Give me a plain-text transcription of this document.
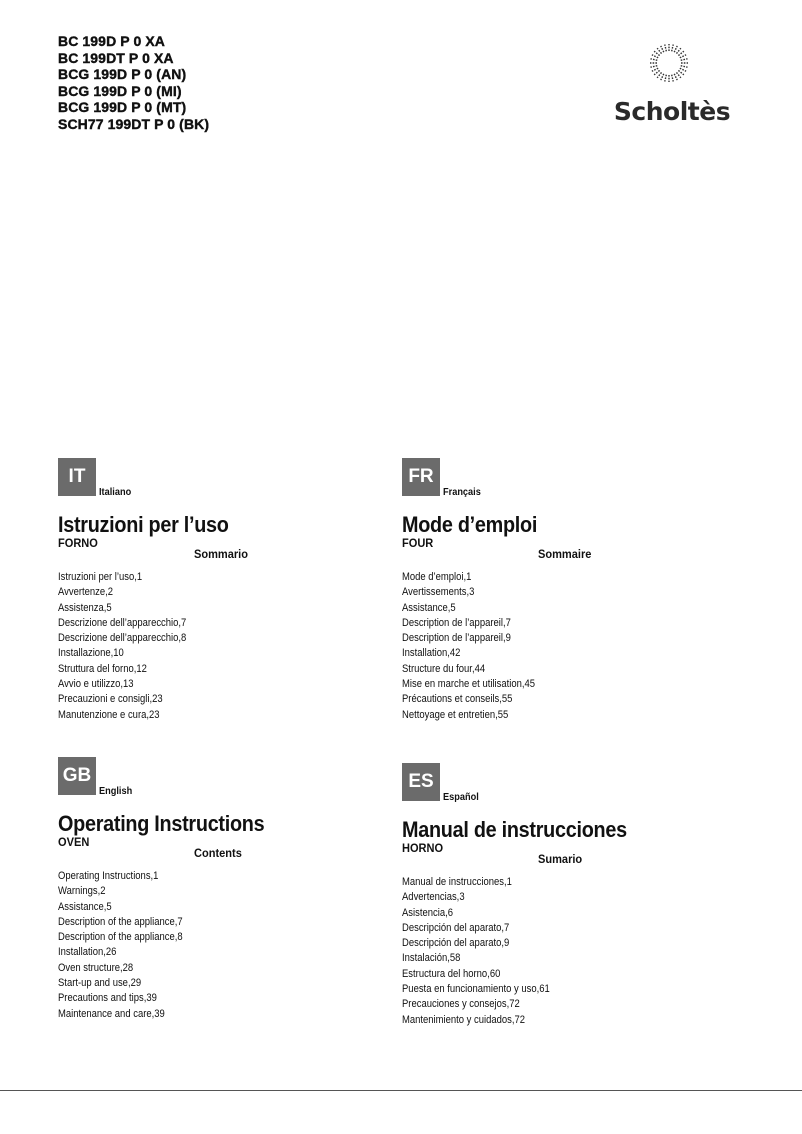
BC 199D P 0 XA
BC 199DT P 0 XA
BCG 199D P 0 (AN)
BCG 199D P 0 (MI)
BCG 199D P 0 (MT)
SCH77 199DT P 0 (BK)	Scholtès
IT
Italiano
Istruzioni per l’uso
FORNO
Sommario
Istruzioni per l’uso,1
Avvertenze,2
Assistenza,5
Descrizione dell’apparecchio,7
Descrizione dell’apparecchio,8
Installazione,10
Struttura del forno,12
Avvio e utilizzo,13
Precauzioni e consigli,23
Manutenzione e cura,23
FR
Français
Mode d’emploi
FOUR
Sommaire
Mode d’emploi,1
Avertissements,3
Assistance,5
Description de l’appareil,7
Description de l’appareil,9
Installation,42
Structure du four,44
Mise en marche et utilisation,45
Précautions et conseils,55
Nettoyage et entretien,55
GB
English
Operating Instructions
OVEN
Contents
Operating Instructions,1
Warnings,2
Assistance,5
Description of the appliance,7
Description of the appliance,8
Installation,26
Oven structure,28
Start-up and use,29
Precautions and tips,39
Maintenance and care,39
ES
Español
Manual de instrucciones
HORNO
Sumario
Manual de instrucciones,1
Advertencias,3
Asistencia,6
Descripción del aparato,7
Descripción del aparato,9
Instalación,58
Estructura del horno,60
Puesta en funcionamiento y uso,61
Precauciones y consejos,72
Mantenimiento y cuidados,72
